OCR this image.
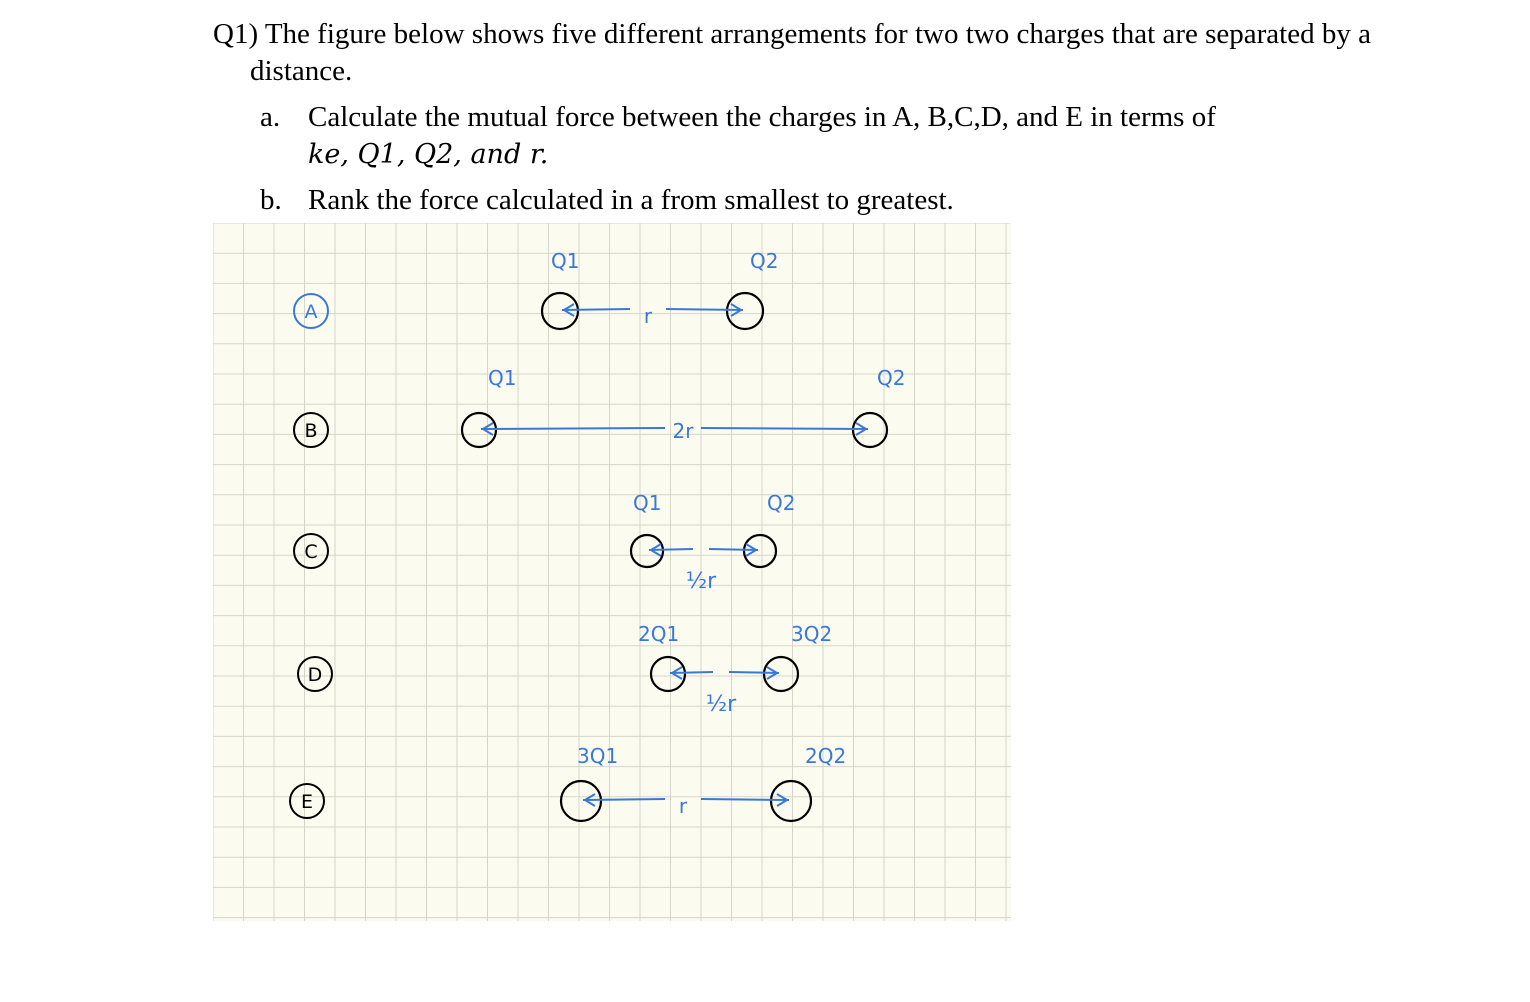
Q1) The figure below shows five different arrangements for two two charges that are separated by a
distance.
a. Calculate the mutual force between the charges in A, B,C,D, and E in terms of
ke, Q1, Q2, and r.
b. Rank the force calculated in a from smallest to greatest.
A
Q1	Q2
r
B
Q1	Q2
2r
C
Q1	Q2
½r
D
2Q1	3Q2
½r
E
3Q1	2Q2
r
